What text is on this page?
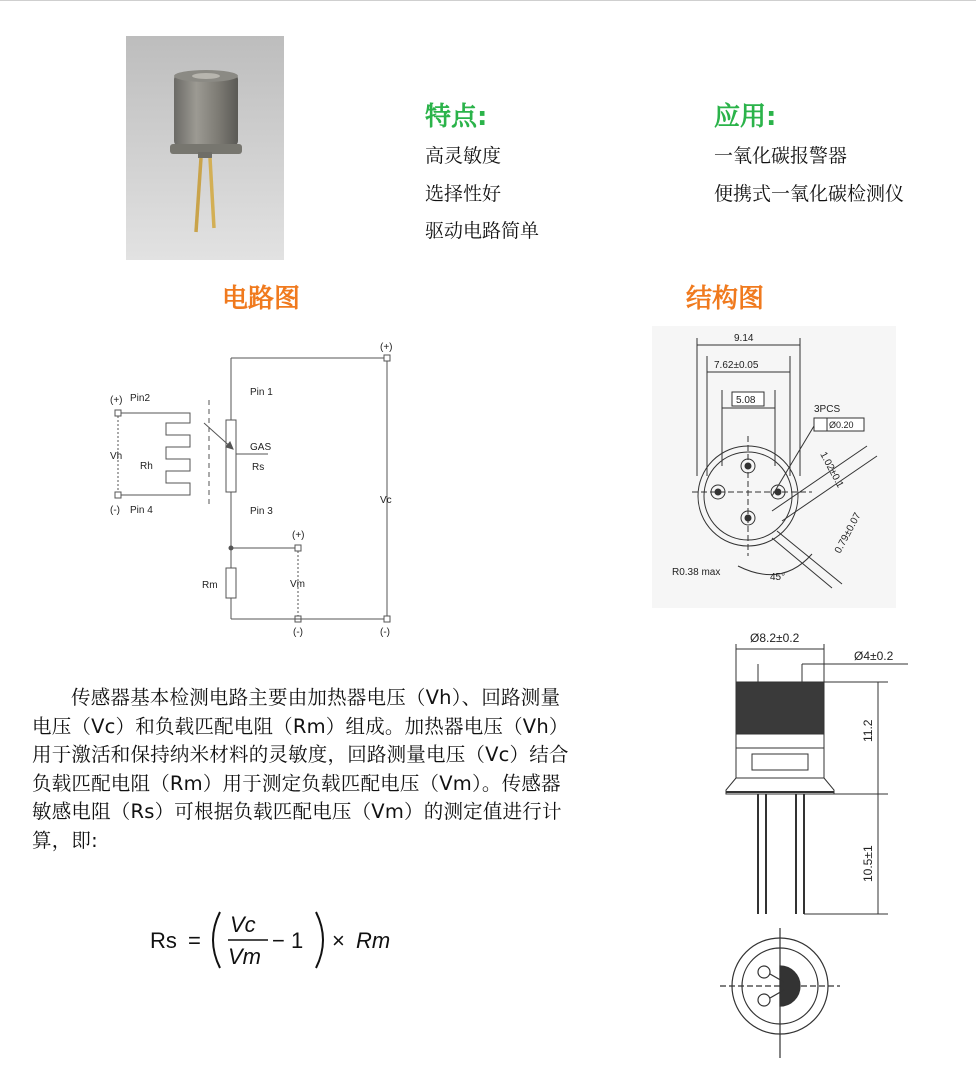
特点:
高灵敏度
选择性好
驱动电路简单
应用:
一氧化碳报警器
便携式一氧化碳检测仪
电路图	结构图
(+)
Pin 1
GAS
Rs
Pin 3
(+) Pin2
Vh
Rh
(-) Pin 4
(+)
Vm
(-)
Rm
Vc
(-)
9.14
7.62±0.05
5.08
3PCS
Ø0.20
1.02±0.1
0.79±0.07
R0.38 max	45°
Ø8.2±0.2
Ø4±0.2
11.2
10.5±1
传感器基本检测电路主要由加热器电压（Vh）、回路测量电压（Vc）和负载匹配电阻（Rm）组成。加热器电压（Vh）用于激活和保持纳米材料的灵敏度，回路测量电压（Vc）结合负载匹配电阻（Rm）用于测定负载匹配电压（Vm）。传感器敏感电阻（Rs）可根据负载匹配电压（Vm）的测定值进行计算，即:
Rs =
Vc
Vm
− 1 × Rm
